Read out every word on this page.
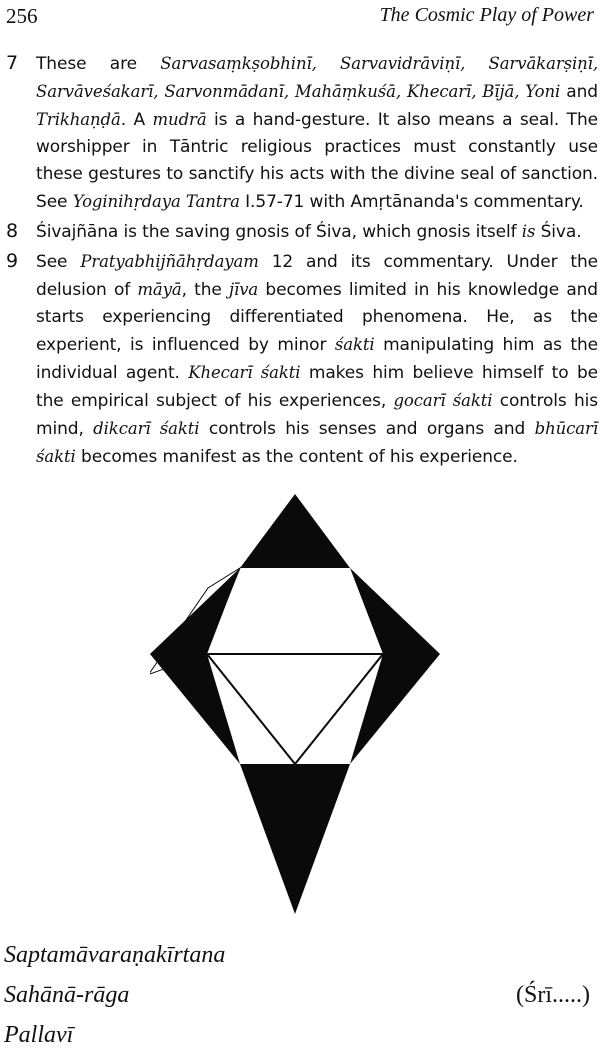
256	The Cosmic Play of Power
7 These are Sarvasaṃkṣobhinī, Sarvavidrāviṇī, Sarvākarṣiṇī, Sarvāveśakarī, Sarvonmādanī, Mahāṃkuśā, Khecarī, Bījā, Yoni and Trikhaṇḍā. A mudrā is a hand-gesture. It also means a seal. The worshipper in Tāntric religious practices must constantly use these gestures to sanctify his acts with the divine seal of sanction. See Yoginihṛdaya Tantra I.57-71 with Amṛtānanda's commentary.
8 Śivajñāna is the saving gnosis of Śiva, which gnosis itself is Śiva.
9 See Pratyabhijñāhṛdayam 12 and its commentary. Under the delusion of māyā, the jīva becomes limited in his knowledge and starts experiencing differentiated phenomena. He, as the experient, is influenced by minor śakti manipulating him as the individual agent. Khecarī śakti makes him believe himself to be the empirical subject of his experiences, gocarī śakti controls his mind, dikcarī śakti controls his senses and organs and bhūcarī śakti becomes manifest as the content of his experience.
Saptamāvaraṇakīrtana
Sahānā-rāga	(Śrī.....)
Pallavī
